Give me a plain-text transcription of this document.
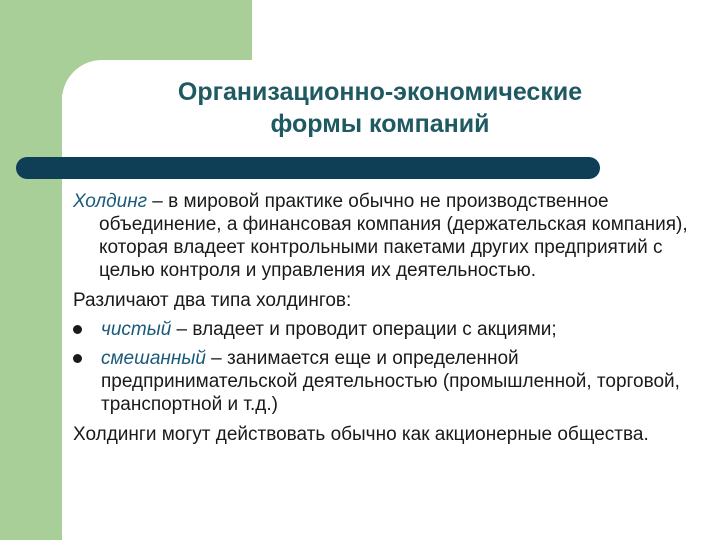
Организационно-экономические
формы компаний

Холдинг – в мировой практике обычно не производственное объединение, а финансовая компания (держательская компания), которая владеет контрольными пакетами других предприятий с целью контроля и управления их деятельностью.

Различают два типа холдингов:

чистый – владеет и проводит операции с акциями;
смешанный – занимается еще и определенной предпринимательской деятельностью (промышленной, торговой, транспортной и т.д.)

Холдинги могут действовать обычно как акционерные общества.
